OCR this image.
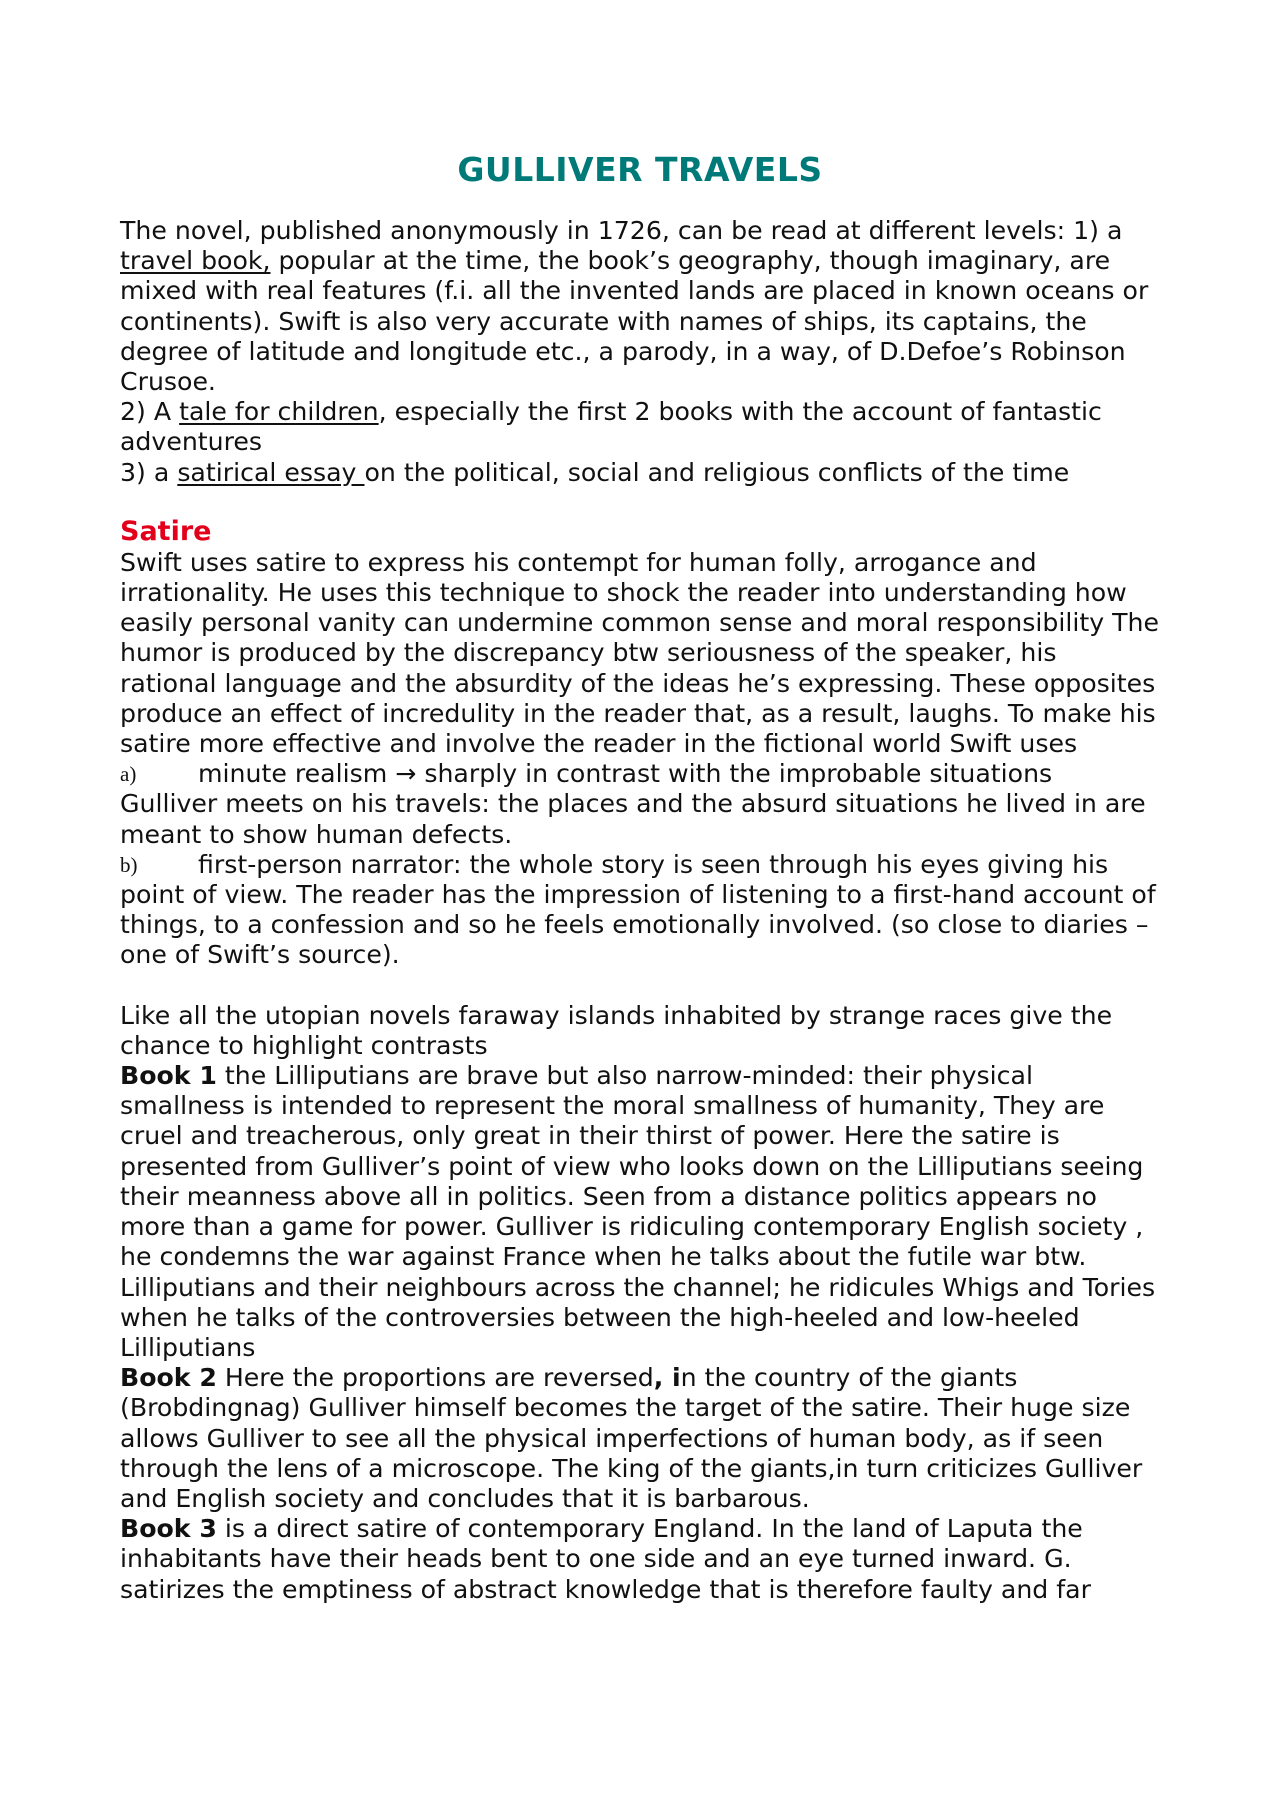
GULLIVER TRAVELS

The novel, published anonymously in 1726, can be read at different levels: 1) a travel book, popular at the time, the book’s geography, though imaginary, are mixed with real features (f.i. all the invented lands are placed in known oceans or continents). Swift is also very accurate with names of ships, its captains, the degree of latitude and longitude etc., a parody, in a way, of D.Defoe’s Robinson Crusoe.

2) A tale for children, especially the first 2 books with the account of fantastic adventures

3) a satirical essay on the political, social and religious conflicts of the time

Satire

Swift uses satire to express his contempt for human folly, arrogance and irrationality. He uses this technique to shock the reader into understanding how easily personal vanity can undermine common sense and moral responsibility The humor is produced by the discrepancy btw seriousness of the speaker, his rational language and the absurdity of the ideas he’s expressing. These opposites produce an effect of incredulity in the reader that, as a result, laughs. To make his satire more effective and involve the reader in the fictional world Swift uses

a)	minute realism → sharply in contrast with the improbable situations

Gulliver meets on his travels: the places and the absurd situations he lived in are meant to show human defects.

b)	first-person narrator: the whole story is seen through his eyes giving his

point of view. The reader has the impression of listening to a first-hand account of things, to a confession and so he feels emotionally involved. (so close to diaries – one of Swift’s source).

Like all the utopian novels faraway islands inhabited by strange races give the chance to highlight contrasts

Book 1 the Lilliputians are brave but also narrow-minded: their physical smallness is intended to represent the moral smallness of humanity, They are cruel and treacherous, only great in their thirst of power. Here the satire is presented from Gulliver’s point of view who looks down on the Lilliputians seeing their meanness above all in politics. Seen from a distance politics appears no more than a game for power. Gulliver is ridiculing contemporary English society , he condemns the war against France when he talks about the futile war btw. Lilliputians and their neighbours across the channel; he ridicules Whigs and Tories when he talks of the controversies between the high-heeled and low-heeled Lilliputians

Book 2 Here the proportions are reversed, in the country of the giants (Brobdingnag) Gulliver himself becomes the target of the satire. Their huge size allows Gulliver to see all the physical imperfections of human body, as if seen through the lens of a microscope. The king of the giants,in turn criticizes Gulliver and English society and concludes that it is barbarous.

Book 3 is a direct satire of contemporary England. In the land of Laputa the inhabitants have their heads bent to one side and an eye turned inward. G. satirizes the emptiness of abstract knowledge that is therefore faulty and far
